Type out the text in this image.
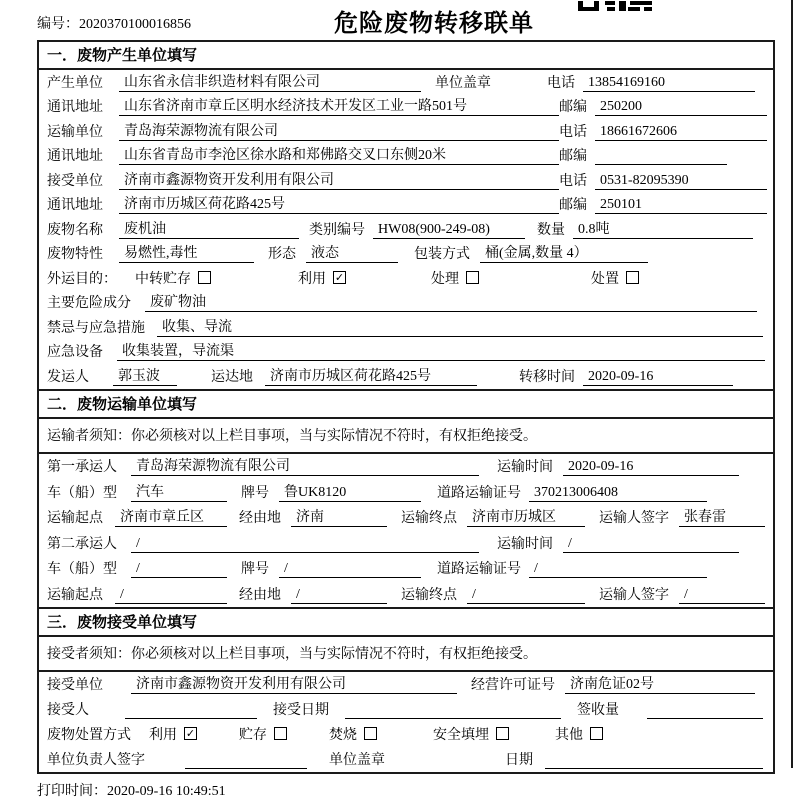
编号：2020370100016856	危险废物转移联单
一．废物产生单位填写
产生单位	山东省永信非织造材料有限公司	单位盖章	电话 13854169160
通讯地址	山东省济南市章丘区明水经济技术开发区工业一路501号	邮编 250200
运输单位	青岛海荣源物流有限公司	电话 18661672606
通讯地址	山东省青岛市李沧区徐水路和郑佛路交叉口东侧20米	邮编
接受单位	济南市鑫源物资开发利用有限公司	电话 0531-82095390
通讯地址	济南市历城区荷花路425号	邮编 250101
废物名称	废机油	类别编号 HW08(900-249-08)	数量 0.8吨
废物特性	易燃性,毒性	形态	液态	包装方式	桶(金属,数量 4）
外运目的：	中转贮存	利用 ✓	处理	处置
主要危险成分	废矿物油
禁忌与应急措施	收集、导流
应急设备	收集装置，导流渠
发运人	郭玉波	运达地	济南市历城区荷花路425号	转移时间 2020-09-16
二．废物运输单位填写
运输者须知：你必须核对以上栏目事项，当与实际情况不符时，有权拒绝接受。
第一承运人	青岛海荣源物流有限公司	运输时间	2020-09-16
车（船）型	汽车	牌号	鲁UK8120	道路运输证号 370213006408
运输起点	济南市章丘区	经由地	济南	运输终点	济南市历城区	运输人签字	张春雷
第二承运人	/	运输时间	/
车（船）型	/	牌号	/	道路运输证号 /
运输起点	/	经由地	/	运输终点	/	运输人签字	/
三．废物接受单位填写
接受者须知：你必须核对以上栏目事项，当与实际情况不符时，有权拒绝接受。
接受单位	济南市鑫源物资开发利用有限公司	经营许可证号	济南危证02号
接受人	接受日期	签收量
废物处置方式	利用 ✓	贮存	焚烧	安全填埋	其他
单位负责人签字	单位盖章	日期
打印时间：2020-09-16 10:49:51
